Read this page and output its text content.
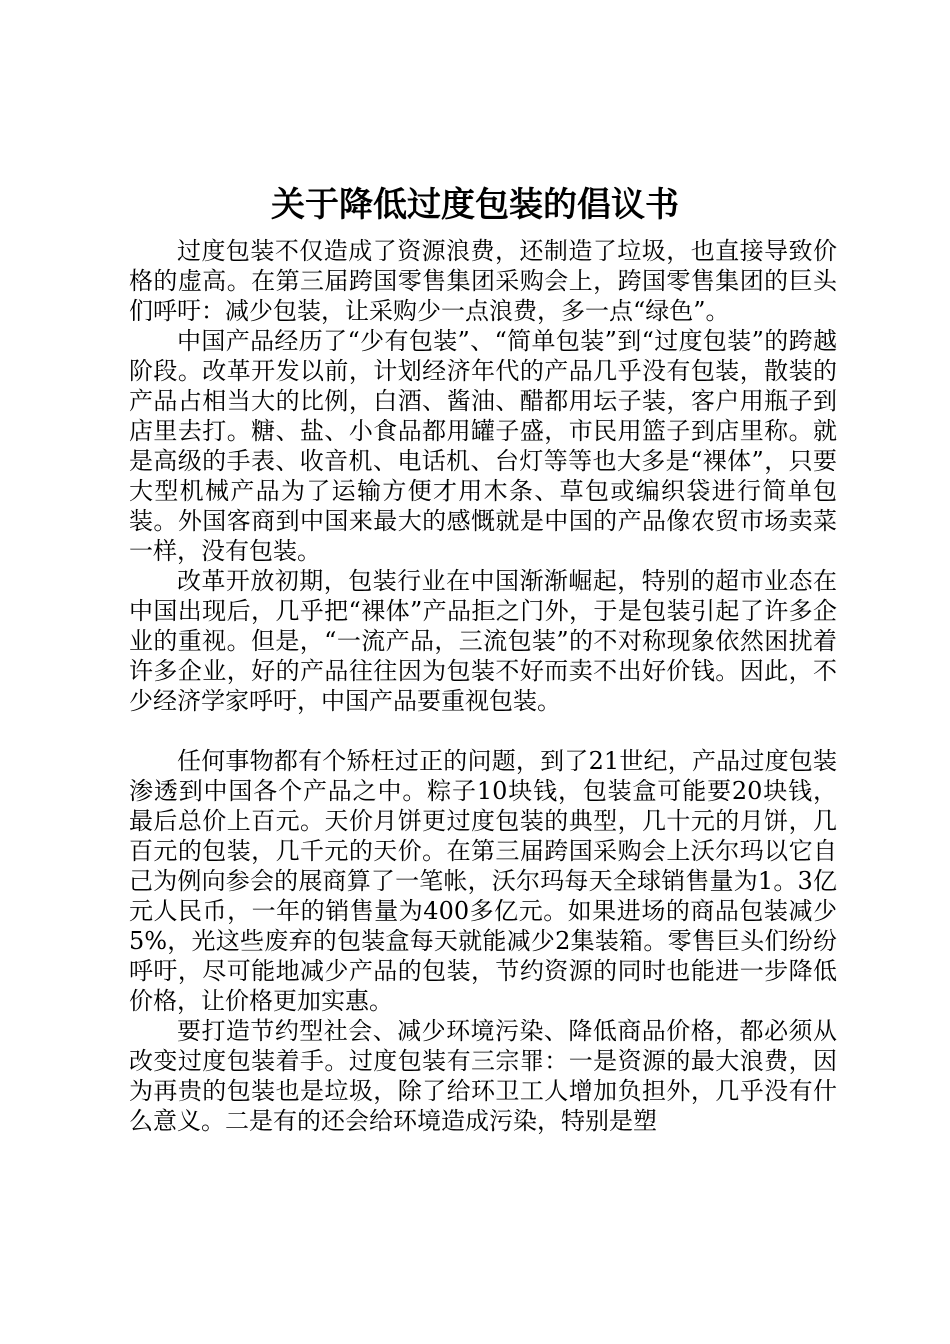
关于降低过度包装的倡议书

过度包装不仅造成了资源浪费，还制造了垃圾，也直接导致价格的虚高。在第三届跨国零售集团采购会上，跨国零售集团的巨头们呼吁：减少包装，让采购少一点浪费，多一点“绿色”。

中国产品经历了“少有包装”、“简单包装”到“过度包装”的跨越阶段。改革开发以前，计划经济年代的产品几乎没有包装，散装的产品占相当大的比例，白酒、酱油、醋都用坛子装，客户用瓶子到店里去打。糖、盐、小食品都用罐子盛，市民用篮子到店里称。就是高级的手表、收音机、电话机、台灯等等也大多是“裸体”，只要大型机械产品为了运输方便才用木条、草包或编织袋进行简单包装。外国客商到中国来最大的感慨就是中国的产品像农贸市场卖菜一样，没有包装。

改革开放初期，包装行业在中国渐渐崛起，特别的超市业态在中国出现后，几乎把“裸体”产品拒之门外，于是包装引起了许多企业的重视。但是，“一流产品，三流包装”的不对称现象依然困扰着许多企业，好的产品往往因为包装不好而卖不出好价钱。因此，不少经济学家呼吁，中国产品要重视包装。

任何事物都有个矫枉过正的问题，到了21世纪，产品过度包装渗透到中国各个产品之中。粽子10块钱，包装盒可能要20块钱，最后总价上百元。天价月饼更过度包装的典型，几十元的月饼，几百元的包装，几千元的天价。在第三届跨国采购会上沃尔玛以它自己为例向参会的展商算了一笔帐，沃尔玛每天全球销售量为1。3亿元人民币，一年的销售量为400多亿元。如果进场的商品包装减少5%，光这些废弃的包装盒每天就能减少2集装箱。零售巨头们纷纷呼吁，尽可能地减少产品的包装，节约资源的同时也能进一步降低价格，让价格更加实惠。

要打造节约型社会、减少环境污染、降低商品价格，都必须从改变过度包装着手。过度包装有三宗罪：一是资源的最大浪费，因为再贵的包装也是垃圾，除了给环卫工人增加负担外，几乎没有什么意义。二是有的还会给环境造成污染，特别是塑
